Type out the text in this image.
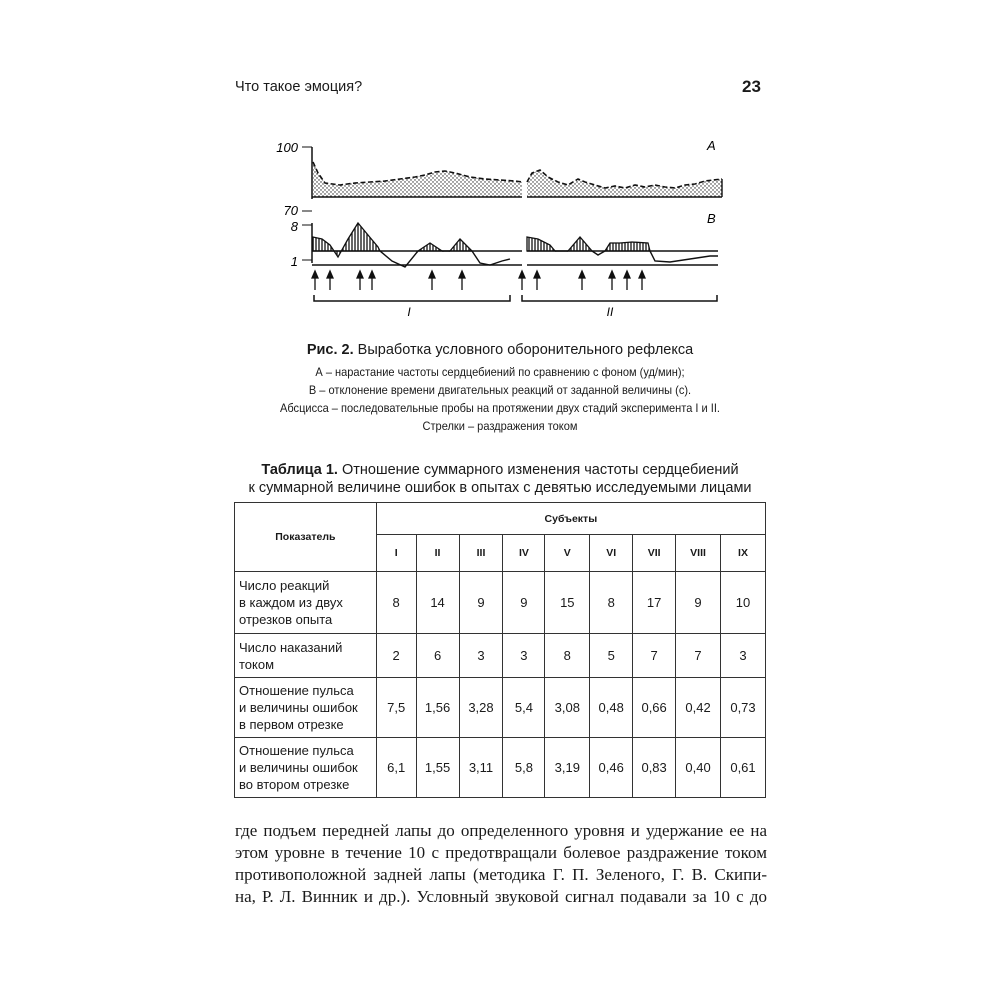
Что такое эмоция?	23
100
70
8
1
A
B
I	II
Рис. 2. Выработка условного оборонительного рефлекса
А – нарастание частоты сердцебиений по сравнению с фоном (уд/мин);
В – отклонение времени двигательных реакций от заданной величины (с).
Абсцисса – последовательные пробы на протяжении двух стадий эксперимента I и II.
Стрелки – раздражения током
Таблица 1. Отношение суммарного изменения частоты сердцебиений
к суммарной величине ошибок в опытах с девятью исследуемыми лицами
Показатель	Субъекты								
	I	II	III	IV	V	VI	VII	VIII	IX

Число реакций
в каждом из двух
отрезков опыта	8	14	9	9	15	8	17	9	10

Число наказаний
током	2	6	3	3	8	5	7	7	3

Отношение пульса
и величины ошибок
в первом отрезке	7,5	1,56	3,28	5,4	3,08	0,48	0,66	0,42	0,73

Отношение пульса
и величины ошибок
во втором отрезке	6,1	1,55	3,11	5,8	3,19	0,46	0,83	0,40	0,61
где подъем передней лапы до определенного уровня и удержание ее на
этом уровне в течение 10 с предотвращали болевое раздражение током
противоположной задней лапы (методика Г. П. Зеленого, Г. В. Скипи-
на, Р. Л. Винник и др.). Условный звуковой сигнал подавали за 10 с до
